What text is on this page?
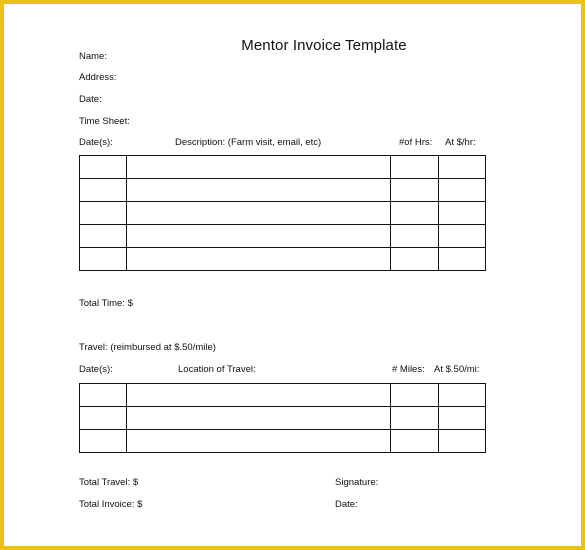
Mentor Invoice Template
Name:
Address:
Date:
Time Sheet:
Date(s):	Description: (Farm visit, email, etc)	#of Hrs: At $/hr:

Total Time: $
Travel: (reimbursed at $.50/mile)
Date(s):	Location of Travel:	# Miles: At $.50/mi:

Total Travel: $	Signature:
Total Invoice: $	Date:
